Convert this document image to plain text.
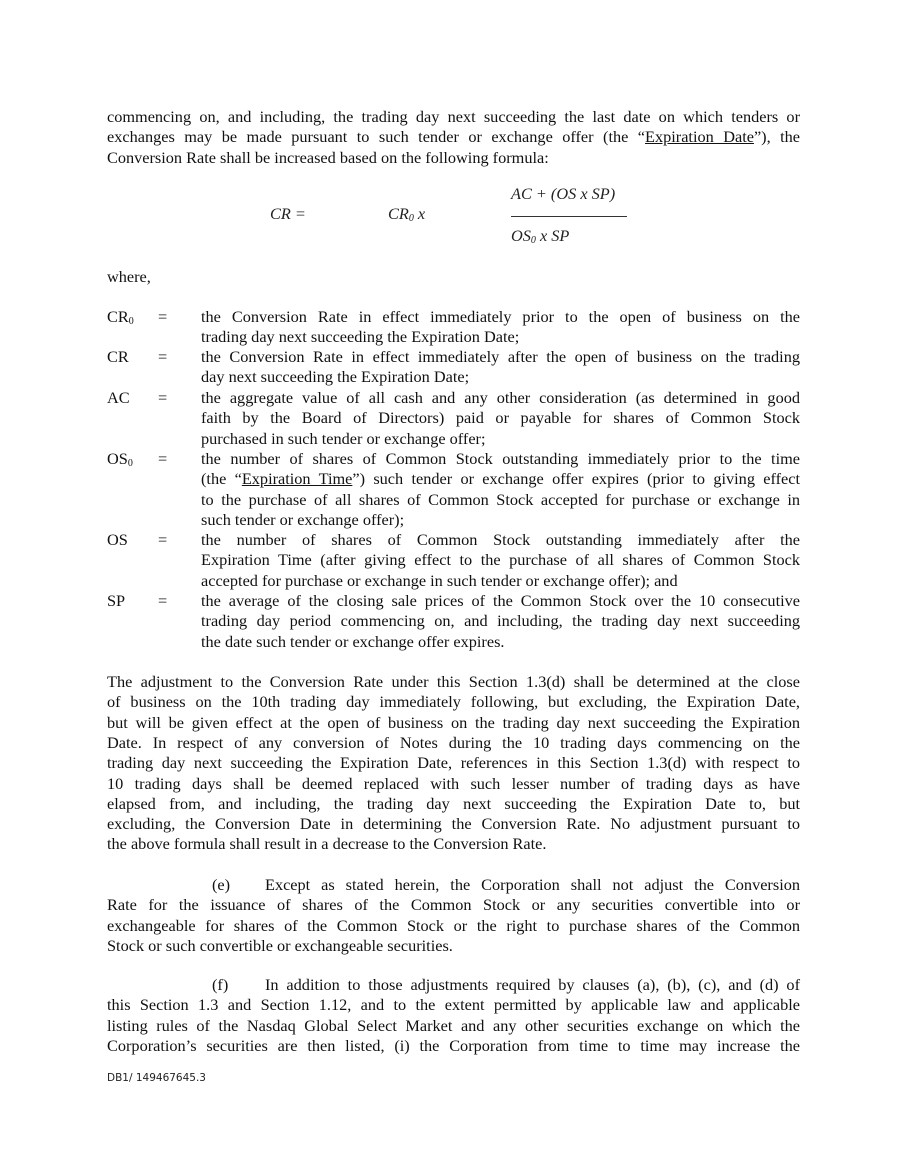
CR =	$CR_0$ x
AC + (OS x SP)
$OS_0$ x SP
where,
DB1/ 149467645.3
commencing on, and including, the trading day next succeeding the last date on which tenders or
exchanges may be made pursuant to such tender or exchange offer (the “Expiration Date”), the
Conversion Rate shall be increased based on the following formula:
$CR_0$ = the Conversion Rate in effect immediately prior to the open of business on the
trading day next succeeding the Expiration Date;
CR = the Conversion Rate in effect immediately after the open of business on the trading
day next succeeding the Expiration Date;
AC = the aggregate value of all cash and any other consideration (as determined in good
faith by the Board of Directors) paid or payable for shares of Common Stock
purchased in such tender or exchange offer;
$OS_0$ = the number of shares of Common Stock outstanding immediately prior to the time
(the “Expiration Time”) such tender or exchange offer expires (prior to giving effect
to the purchase of all shares of Common Stock accepted for purchase or exchange in
such tender or exchange offer);
OS = the number of shares of Common Stock outstanding immediately after the
Expiration Time (after giving effect to the purchase of all shares of Common Stock
accepted for purchase or exchange in such tender or exchange offer); and
SP = the average of the closing sale prices of the Common Stock over the 10 consecutive
trading day period commencing on, and including, the trading day next succeeding
the date such tender or exchange offer expires.
The adjustment to the Conversion Rate under this Section 1.3(d) shall be determined at the close
of business on the 10th trading day immediately following, but excluding, the Expiration Date,
but will be given effect at the open of business on the trading day next succeeding the Expiration
Date. In respect of any conversion of Notes during the 10 trading days commencing on the
trading day next succeeding the Expiration Date, references in this Section 1.3(d) with respect to
10 trading days shall be deemed replaced with such lesser number of trading days as have
elapsed from, and including, the trading day next succeeding the Expiration Date to, but
excluding, the Conversion Date in determining the Conversion Rate. No adjustment pursuant to
the above formula shall result in a decrease to the Conversion Rate.
(e) Except as stated herein, the Corporation shall not adjust the Conversion
Rate for the issuance of shares of the Common Stock or any securities convertible into or
exchangeable for shares of the Common Stock or the right to purchase shares of the Common
Stock or such convertible or exchangeable securities.
(f) In addition to those adjustments required by clauses (a), (b), (c), and (d) of
this Section 1.3 and Section 1.12, and to the extent permitted by applicable law and applicable
listing rules of the Nasdaq Global Select Market and any other securities exchange on which the
Corporation’s securities are then listed, (i) the Corporation from time to time may increase the
